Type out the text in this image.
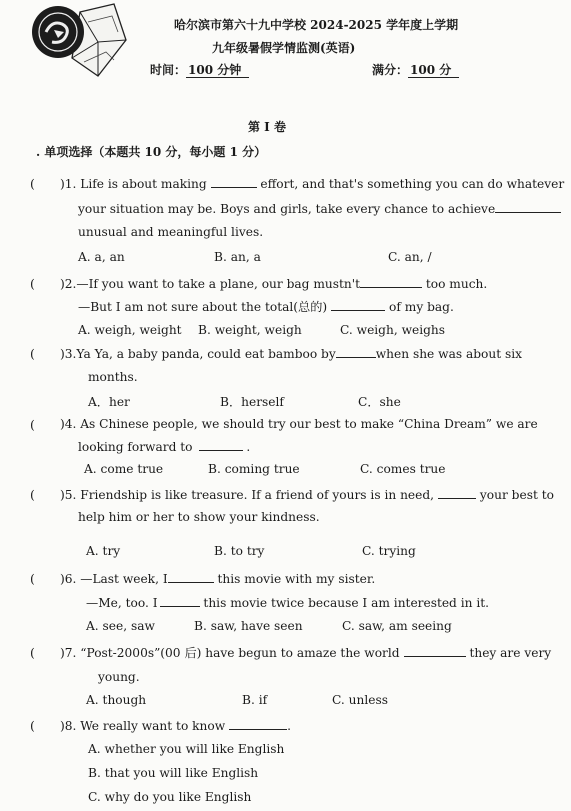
哈尔滨市第六十九中学校 2024-2025 学年度上学期
九年级暑假学情监测(英语)
时间： 100 分钟	满分： 100 分
第 I 卷
. 单项选择（本题共 10 分，每小题 1 分）
( )1. Life is about making	effort, and that's something you can do whatever
your situation may be. Boys and girls, take every chance to achieve
unusual and meaningful lives.
A. a, an	B. an, a	C. an, /
( )2.—If you want to take a plane, our bag mustn't	too much.
—But I am not sure about the total(总的)	of my bag.
A. weigh, weight B. weight, weigh	C. weigh, weighs
( )3.Ya Ya, a baby panda, could eat bamboo by	when she was about six
months.
A．her	B．herself	C．she
( )4. As Chinese people, we should try our best to make “China Dream” we are
looking forward to	.
A. come true	B. coming true	C. comes true
( )5. Friendship is like treasure. If a friend of yours is in need,	your best to
help him or her to show your kindness.
A. try	B. to try	C. trying
( )6. —Last week, I	this movie with my sister.
—Me, too. I	this movie twice because I am interested in it.
A. see, saw	B. saw, have seen	C. saw, am seeing
( )7. “Post-2000s”(00 后) have begun to amaze the world	they are very
young.
A. though	B. if	C. unless
( )8. We really want to know	.
A. whether you will like English
B. that you will like English
C. why do you like English
